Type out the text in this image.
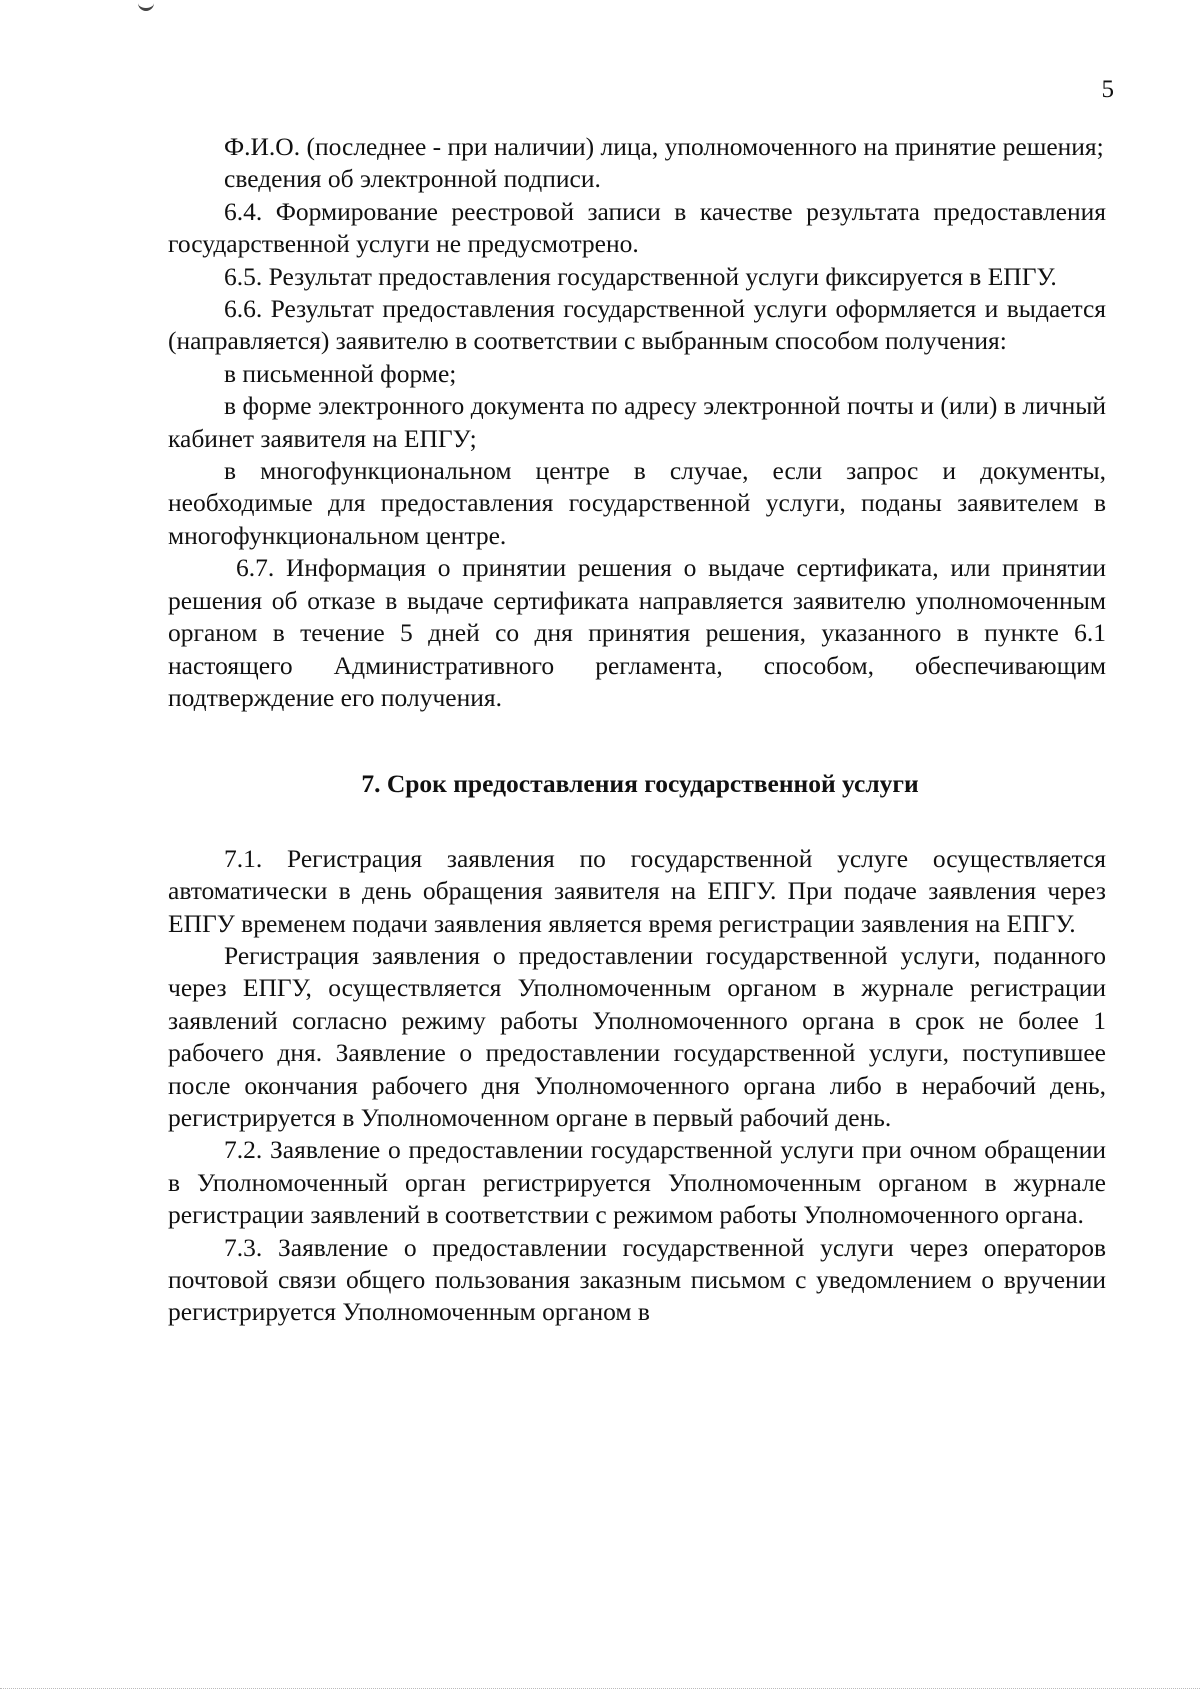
5

Ф.И.О. (последнее - при наличии) лица, уполномоченного на принятие решения;

сведения об электронной подписи.

6.4. Формирование реестровой записи в качестве результата предоставления государственной услуги не предусмотрено.

6.5. Результат предоставления государственной услуги фиксируется в ЕПГУ.

6.6. Результат предоставления государственной услуги оформляется и выдается (направляется) заявителю в соответствии с выбранным способом получения:

в письменной форме;

в форме электронного документа по адресу электронной почты и (или) в личный кабинет заявителя на ЕПГУ;

в многофункциональном центре в случае, если запрос и документы, необходимые для предоставления государственной услуги, поданы заявителем в многофункциональном центре.

6.7. Информация о принятии решения о выдаче сертификата, или принятии решения об отказе в выдаче сертификата направляется заявителю уполномоченным органом в течение 5 дней со дня принятия решения, указанного в пункте 6.1 настоящего Административного регламента, способом, обеспечивающим подтверждение его получения.

7. Срок предоставления государственной услуги

7.1. Регистрация заявления по государственной услуге осуществляется автоматически в день обращения заявителя на ЕПГУ. При подаче заявления через ЕПГУ временем подачи заявления является время регистрации заявления на ЕПГУ.

Регистрация заявления о предоставлении государственной услуги, поданного через ЕПГУ, осуществляется Уполномоченным органом в журнале регистрации заявлений согласно режиму работы Уполномоченного органа в срок не более 1 рабочего дня. Заявление о предоставлении государственной услуги, поступившее после окончания рабочего дня Уполномоченного органа либо в нерабочий день, регистрируется в Уполномоченном органе в первый рабочий день.

7.2. Заявление о предоставлении государственной услуги при очном обращении в Уполномоченный орган регистрируется Уполномоченным органом в журнале регистрации заявлений в соответствии с режимом работы Уполномоченного органа.

7.3. Заявление о предоставлении государственной услуги через операторов почтовой связи общего пользования заказным письмом с уведомлением о вручении регистрируется Уполномоченным органом в
